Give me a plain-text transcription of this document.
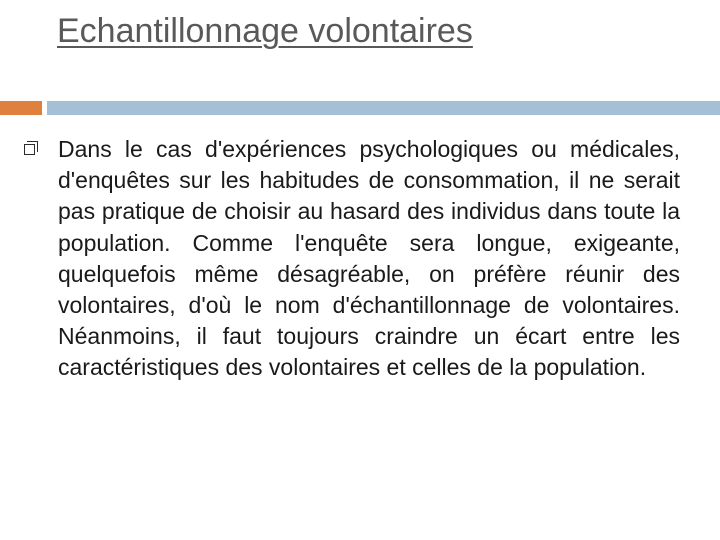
Echantillonnage volontaires

Dans le cas d'expériences psychologiques ou médicales, d'enquêtes sur les habitudes de consommation, il ne serait pas pratique de choisir au hasard des individus dans toute la population. Comme l'enquête sera longue, exigeante, quelquefois même désagréable, on préfère réunir des volontaires, d'où le nom d'échantillonnage de volontaires. Néanmoins, il faut toujours craindre un écart entre les caractéristiques des volontaires et celles de la population.
